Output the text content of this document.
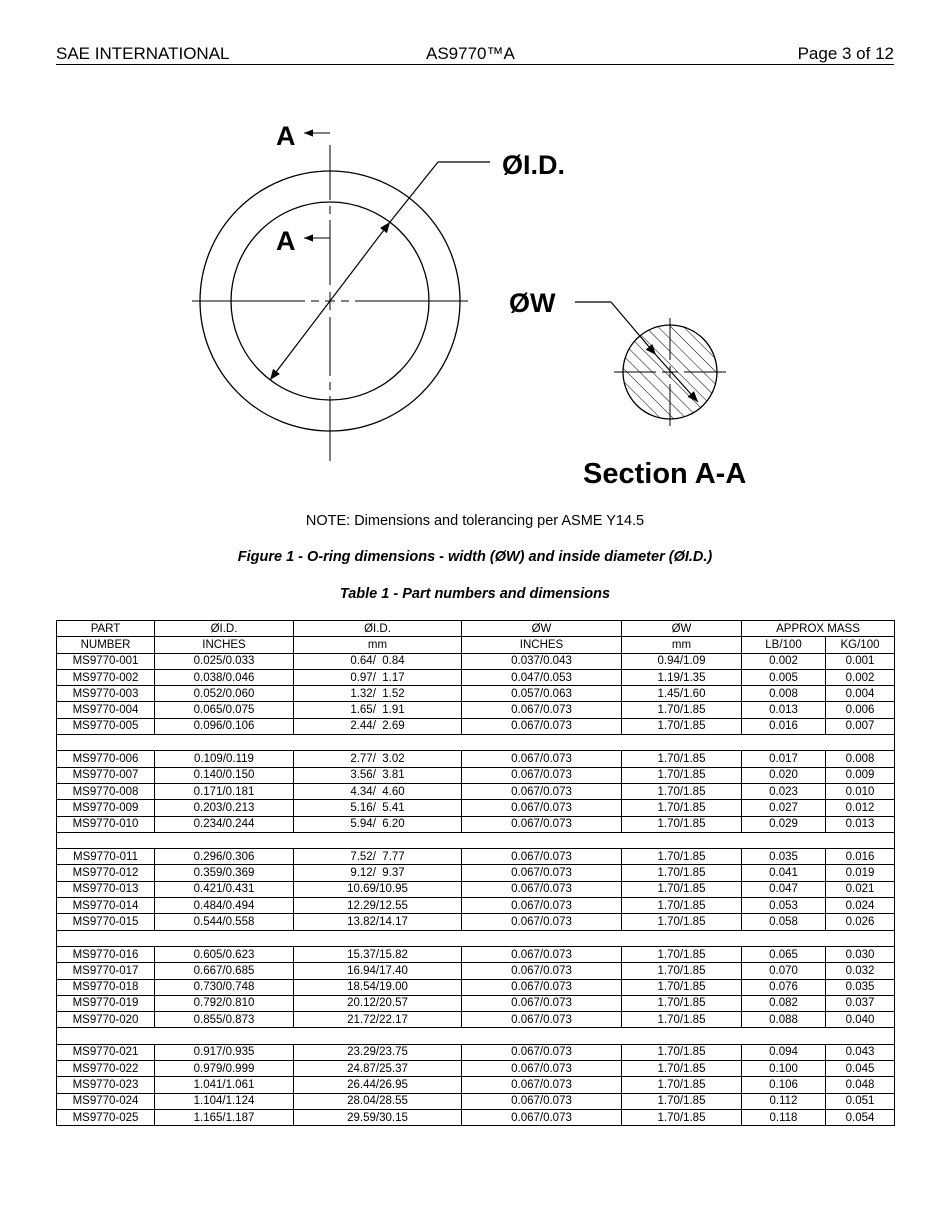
SAE INTERNATIONAL	AS9770™A	Page 3 of 12
A
A
ØI.D.
ØW
Section A-A
NOTE: Dimensions and tolerancing per ASME Y14.5
Figure 1 - O-ring dimensions - width (ØW) and inside diameter (ØI.D.)
Table 1 - Part numbers and dimensions
PART	ØI.D.	ØI.D.	ØW	ØW	APPROX MASS	
NUMBER	INCHES	mm	INCHES	mm	LB/100	KG/100
MS9770-001	0.025/0.033	0.64/  0.84	0.037/0.043	0.94/1.09	0.002	0.001
MS9770-002	0.038/0.046	0.97/  1.17	0.047/0.053	1.19/1.35	0.005	0.002
MS9770-003	0.052/0.060	1.32/  1.52	0.057/0.063	1.45/1.60	0.008	0.004
MS9770-004	0.065/0.075	1.65/  1.91	0.067/0.073	1.70/1.85	0.013	0.006
MS9770-005	0.096/0.106	2.44/  2.69	0.067/0.073	1.70/1.85	0.016	0.007

MS9770-006	0.109/0.119	2.77/  3.02	0.067/0.073	1.70/1.85	0.017	0.008
MS9770-007	0.140/0.150	3.56/  3.81	0.067/0.073	1.70/1.85	0.020	0.009
MS9770-008	0.171/0.181	4.34/  4.60	0.067/0.073	1.70/1.85	0.023	0.010
MS9770-009	0.203/0.213	5.16/  5.41	0.067/0.073	1.70/1.85	0.027	0.012
MS9770-010	0.234/0.244	5.94/  6.20	0.067/0.073	1.70/1.85	0.029	0.013

MS9770-011	0.296/0.306	7.52/  7.77	0.067/0.073	1.70/1.85	0.035	0.016
MS9770-012	0.359/0.369	9.12/  9.37	0.067/0.073	1.70/1.85	0.041	0.019
MS9770-013	0.421/0.431	10.69/10.95	0.067/0.073	1.70/1.85	0.047	0.021
MS9770-014	0.484/0.494	12.29/12.55	0.067/0.073	1.70/1.85	0.053	0.024
MS9770-015	0.544/0.558	13.82/14.17	0.067/0.073	1.70/1.85	0.058	0.026

MS9770-016	0.605/0.623	15.37/15.82	0.067/0.073	1.70/1.85	0.065	0.030
MS9770-017	0.667/0.685	16.94/17.40	0.067/0.073	1.70/1.85	0.070	0.032
MS9770-018	0.730/0.748	18.54/19.00	0.067/0.073	1.70/1.85	0.076	0.035
MS9770-019	0.792/0.810	20.12/20.57	0.067/0.073	1.70/1.85	0.082	0.037
MS9770-020	0.855/0.873	21.72/22.17	0.067/0.073	1.70/1.85	0.088	0.040

MS9770-021	0.917/0.935	23.29/23.75	0.067/0.073	1.70/1.85	0.094	0.043
MS9770-022	0.979/0.999	24.87/25.37	0.067/0.073	1.70/1.85	0.100	0.045
MS9770-023	1.041/1.061	26.44/26.95	0.067/0.073	1.70/1.85	0.106	0.048
MS9770-024	1.104/1.124	28.04/28.55	0.067/0.073	1.70/1.85	0.112	0.051
MS9770-025	1.165/1.187	29.59/30.15	0.067/0.073	1.70/1.85	0.118	0.054
